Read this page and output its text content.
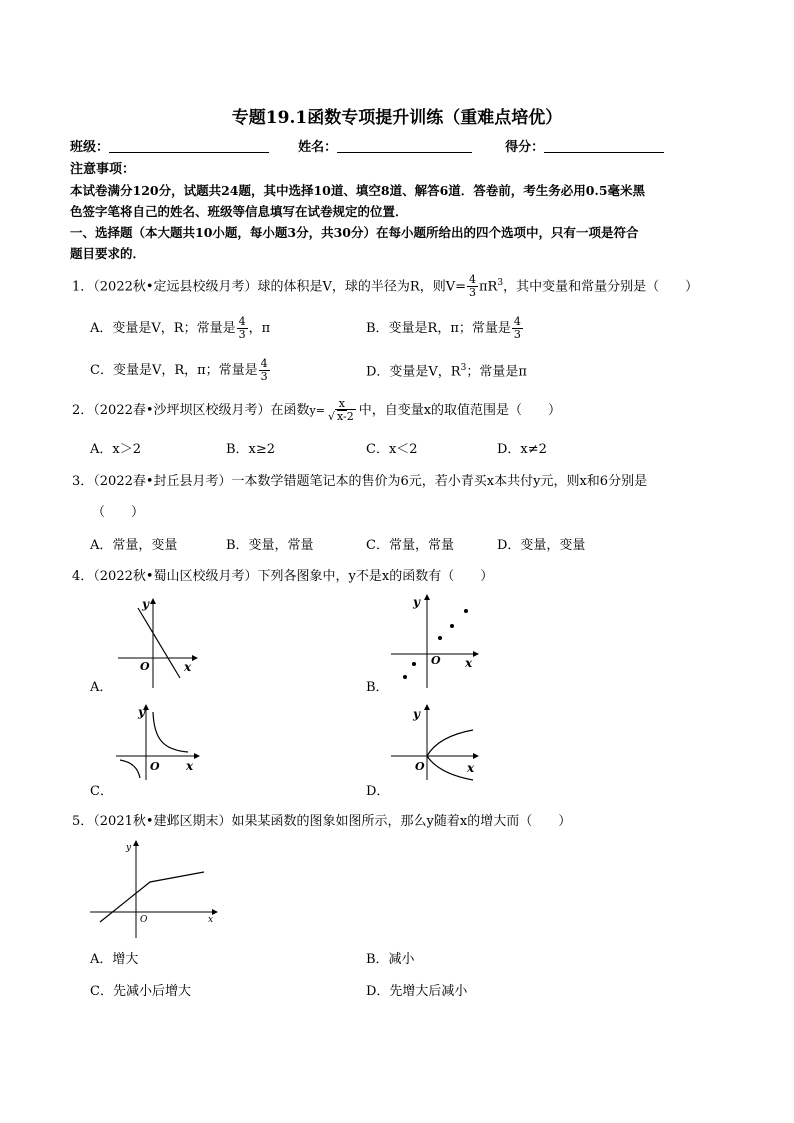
专题19.1函数专项提升训练（重难点培优）
班级：	姓名：	得分：
注意事项：
本试卷满分120分，试题共24题，其中选择10道、填空8道、解答6道．答卷前，考生务必用0.5毫米黑
色签字笔将自己的姓名、班级等信息填写在试卷规定的位置．
一、选择题（本大题共10小题，每小题3分，共30分）在每小题所给出的四个选项中，只有一项是符合
题目要求的．
1．（2022秋•定远县校级月考）球的体积是V，球的半径为R，则$V= \frac{4}{3} \pi R^3$，其中变量和常量分别是（　　）
A．变量是V，R；常量是 $\frac{4}{3}$ ，π	B．变量是R，π；常量是 $\frac{4}{3}$
C．变量是V，R，π；常量是 $\frac{4}{3}$	D．变量是V，$R^3$；常量是π
2．（2022春•沙坪坝区校级月考）在函数$y= \frac{x}{√ x-2}$ 中，自变量x的取值范围是（　　）
A．x＞2	B．x≥2	C．x＜2	D．x≠2
3．（2022春•封丘县月考）一本数学错题笔记本的售价为6元，若小青买x本共付y元，则x和6分别是
（　　）
A．常量，变量	B．变量，常量	C．常量，常量	D．变量，变量
4．（2022秋•蜀山区校级月考）下列各图象中，y不是x的函数有（　　）
y
x
O
A．
y
x
O
B．
y
x
O
C．
y
x
O
D．
5．（2021秋•建邺区期末）如果某函数的图象如图所示，那么y随着x的增大而（　　）
y
x
O
A．增大	B．减小
C．先减小后增大	D．先增大后减小
